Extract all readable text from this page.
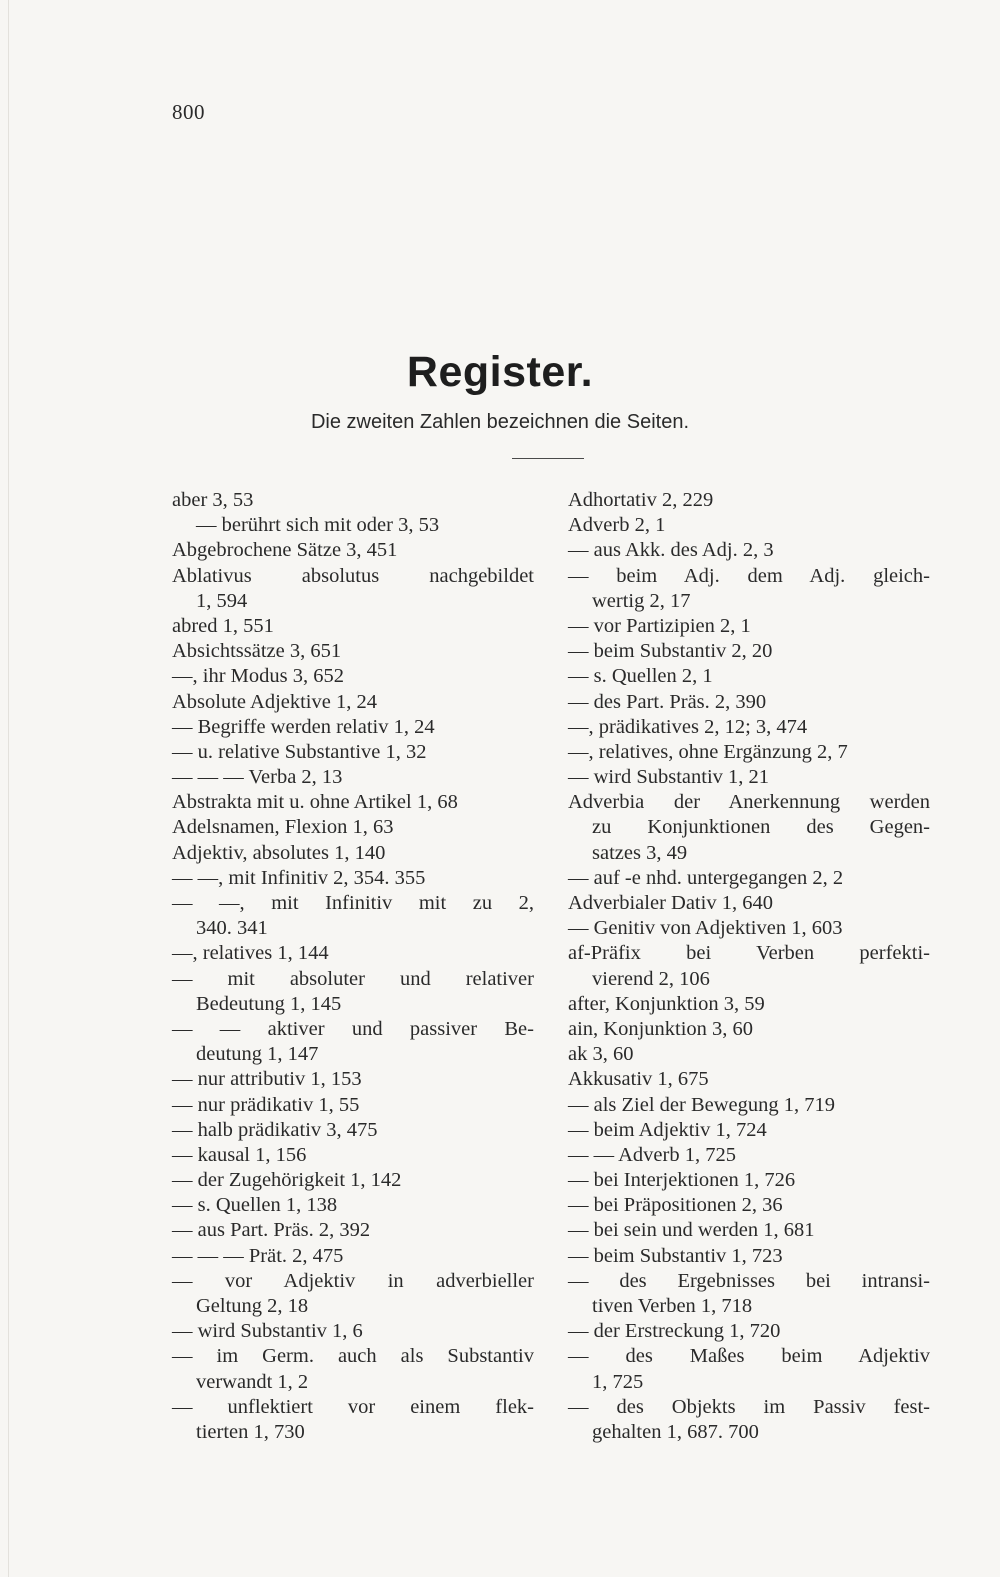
800
Register.
Die zweiten Zahlen bezeichnen die Seiten.
aber 3, 53
— berührt sich mit oder 3, 53
Abgebrochene Sätze 3, 451
Ablativus absolutus nachgebildet
1, 594
abred 1, 551
Absichtssätze 3, 651
—, ihr Modus 3, 652
Absolute Adjektive 1, 24
— Begriffe werden relativ 1, 24
— u. relative Substantive 1, 32
— — — Verba 2, 13
Abstrakta mit u. ohne Artikel 1, 68
Adelsnamen, Flexion 1, 63
Adjektiv, absolutes 1, 140
— —, mit Infinitiv 2, 354. 355
— —, mit Infinitiv mit zu 2,
340. 341
—, relatives 1, 144
— mit absoluter und relativer
Bedeutung 1, 145
— — aktiver und passiver Be-
deutung 1, 147
— nur attributiv 1, 153
— nur prädikativ 1, 55
— halb prädikativ 3, 475
— kausal 1, 156
— der Zugehörigkeit 1, 142
— s. Quellen 1, 138
— aus Part. Präs. 2, 392
— — — Prät. 2, 475
— vor Adjektiv in adverbieller
Geltung 2, 18
— wird Substantiv 1, 6
— im Germ. auch als Substantiv
verwandt 1, 2
— unflektiert vor einem flek-
tierten 1, 730
Adhortativ 2, 229
Adverb 2, 1
— aus Akk. des Adj. 2, 3
— beim Adj. dem Adj. gleich-
wertig 2, 17
— vor Partizipien 2, 1
— beim Substantiv 2, 20
— s. Quellen 2, 1
— des Part. Präs. 2, 390
—, prädikatives 2, 12; 3, 474
—, relatives, ohne Ergänzung 2, 7
— wird Substantiv 1, 21
Adverbia der Anerkennung werden
zu Konjunktionen des Gegen-
satzes 3, 49
— auf -e nhd. untergegangen 2, 2
Adverbialer Dativ 1, 640
— Genitiv von Adjektiven 1, 603
af-Präfix bei Verben perfekti-
vierend 2, 106
after, Konjunktion 3, 59
ain, Konjunktion 3, 60
ak 3, 60
Akkusativ 1, 675
— als Ziel der Bewegung 1, 719
— beim Adjektiv 1, 724
— — Adverb 1, 725
— bei Interjektionen 1, 726
— bei Präpositionen 2, 36
— bei sein und werden 1, 681
— beim Substantiv 1, 723
— des Ergebnisses bei intransi-
tiven Verben 1, 718
— der Erstreckung 1, 720
— des Maßes beim Adjektiv
1, 725
— des Objekts im Passiv fest-
gehalten 1, 687. 700
